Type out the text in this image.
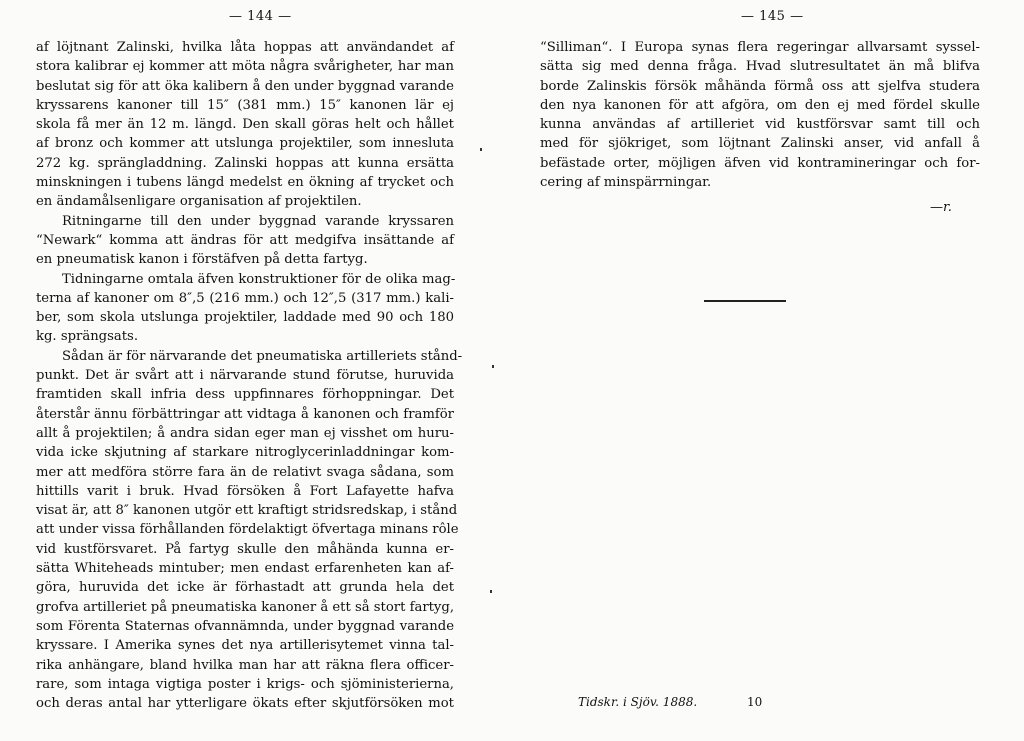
— 144 —
af löjtnant Zalinski, hvilka låta hoppas att användandet af
stora kalibrar ej kommer att möta några svårigheter, har man
beslutat sig för att öka kalibern å den under byggnad varande
kryssarens kanoner till 15″ (381 mm.) 15″ kanonen lär ej
skola få mer än 12 m. längd. Den skall göras helt och hållet
af bronz och kommer att utslunga projektiler, som innesluta
272 kg. sprängladdning. Zalinski hoppas att kunna ersätta
minskningen i tubens längd medelst en ökning af trycket och
en ändamålsenligare organisation af projektilen.
Ritningarne till den under byggnad varande kryssaren
“Newark“ komma att ändras för att medgifva insättande af
en pneumatisk kanon i förstäfven på detta fartyg.
Tidningarne omtala äfven konstruktioner för de olika mag-
terna af kanoner om 8″,5 (216 mm.) och 12″,5 (317 mm.) kali-
ber, som skola utslunga projektiler, laddade med 90 och 180
kg. sprängsats.
Sådan är för närvarande det pneumatiska artilleriets stånd-
punkt. Det är svårt att i närvarande stund förutse, huruvida
framtiden skall infria dess uppfinnares förhoppningar. Det
återstår ännu förbättringar att vidtaga å kanonen och framför
allt å projektilen; å andra sidan eger man ej visshet om huru-
vida icke skjutning af starkare nitroglycerinladdningar kom-
mer att medföra större fara än de relativt svaga sådana, som
hittills varit i bruk. Hvad försöken å Fort Lafayette hafva
visat är, att 8″ kanonen utgör ett kraftigt stridsredskap, i stånd
att under vissa förhållanden fördelaktigt öfvertaga minans rôle
vid kustförsvaret. På fartyg skulle den måhända kunna er-
sätta Whiteheads mintuber; men endast erfarenheten kan af-
göra, huruvida det icke är förhastadt att grunda hela det
grofva artilleriet på pneumatiska kanoner å ett så stort fartyg,
som Förenta Staternas ofvannämnda, under byggnad varande
kryssare. I Amerika synes det nya artillerisytemet vinna tal-
rika anhängare, bland hvilka man har att räkna flera officer-
rare, som intaga vigtiga poster i krigs- och sjöministerierna,
och deras antal har ytterligare ökats efter skjutförsöken mot
— 145 —
“Silliman“. I Europa synas flera regeringar allvarsamt syssel-
sätta sig med denna fråga. Hvad slutresultatet än må blifva
borde Zalinskis försök måhända förmå oss att sjelfva studera
den nya kanonen för att afgöra, om den ej med fördel skulle
kunna användas af artilleriet vid kustförsvar samt till och
med för sjökriget, som löjtnant Zalinski anser, vid anfall å
befästade orter, möjligen äfven vid kontramineringar och for-
cering af minspärrningar.
—r.
Tidskr. i Sjöv. 1888.	10
